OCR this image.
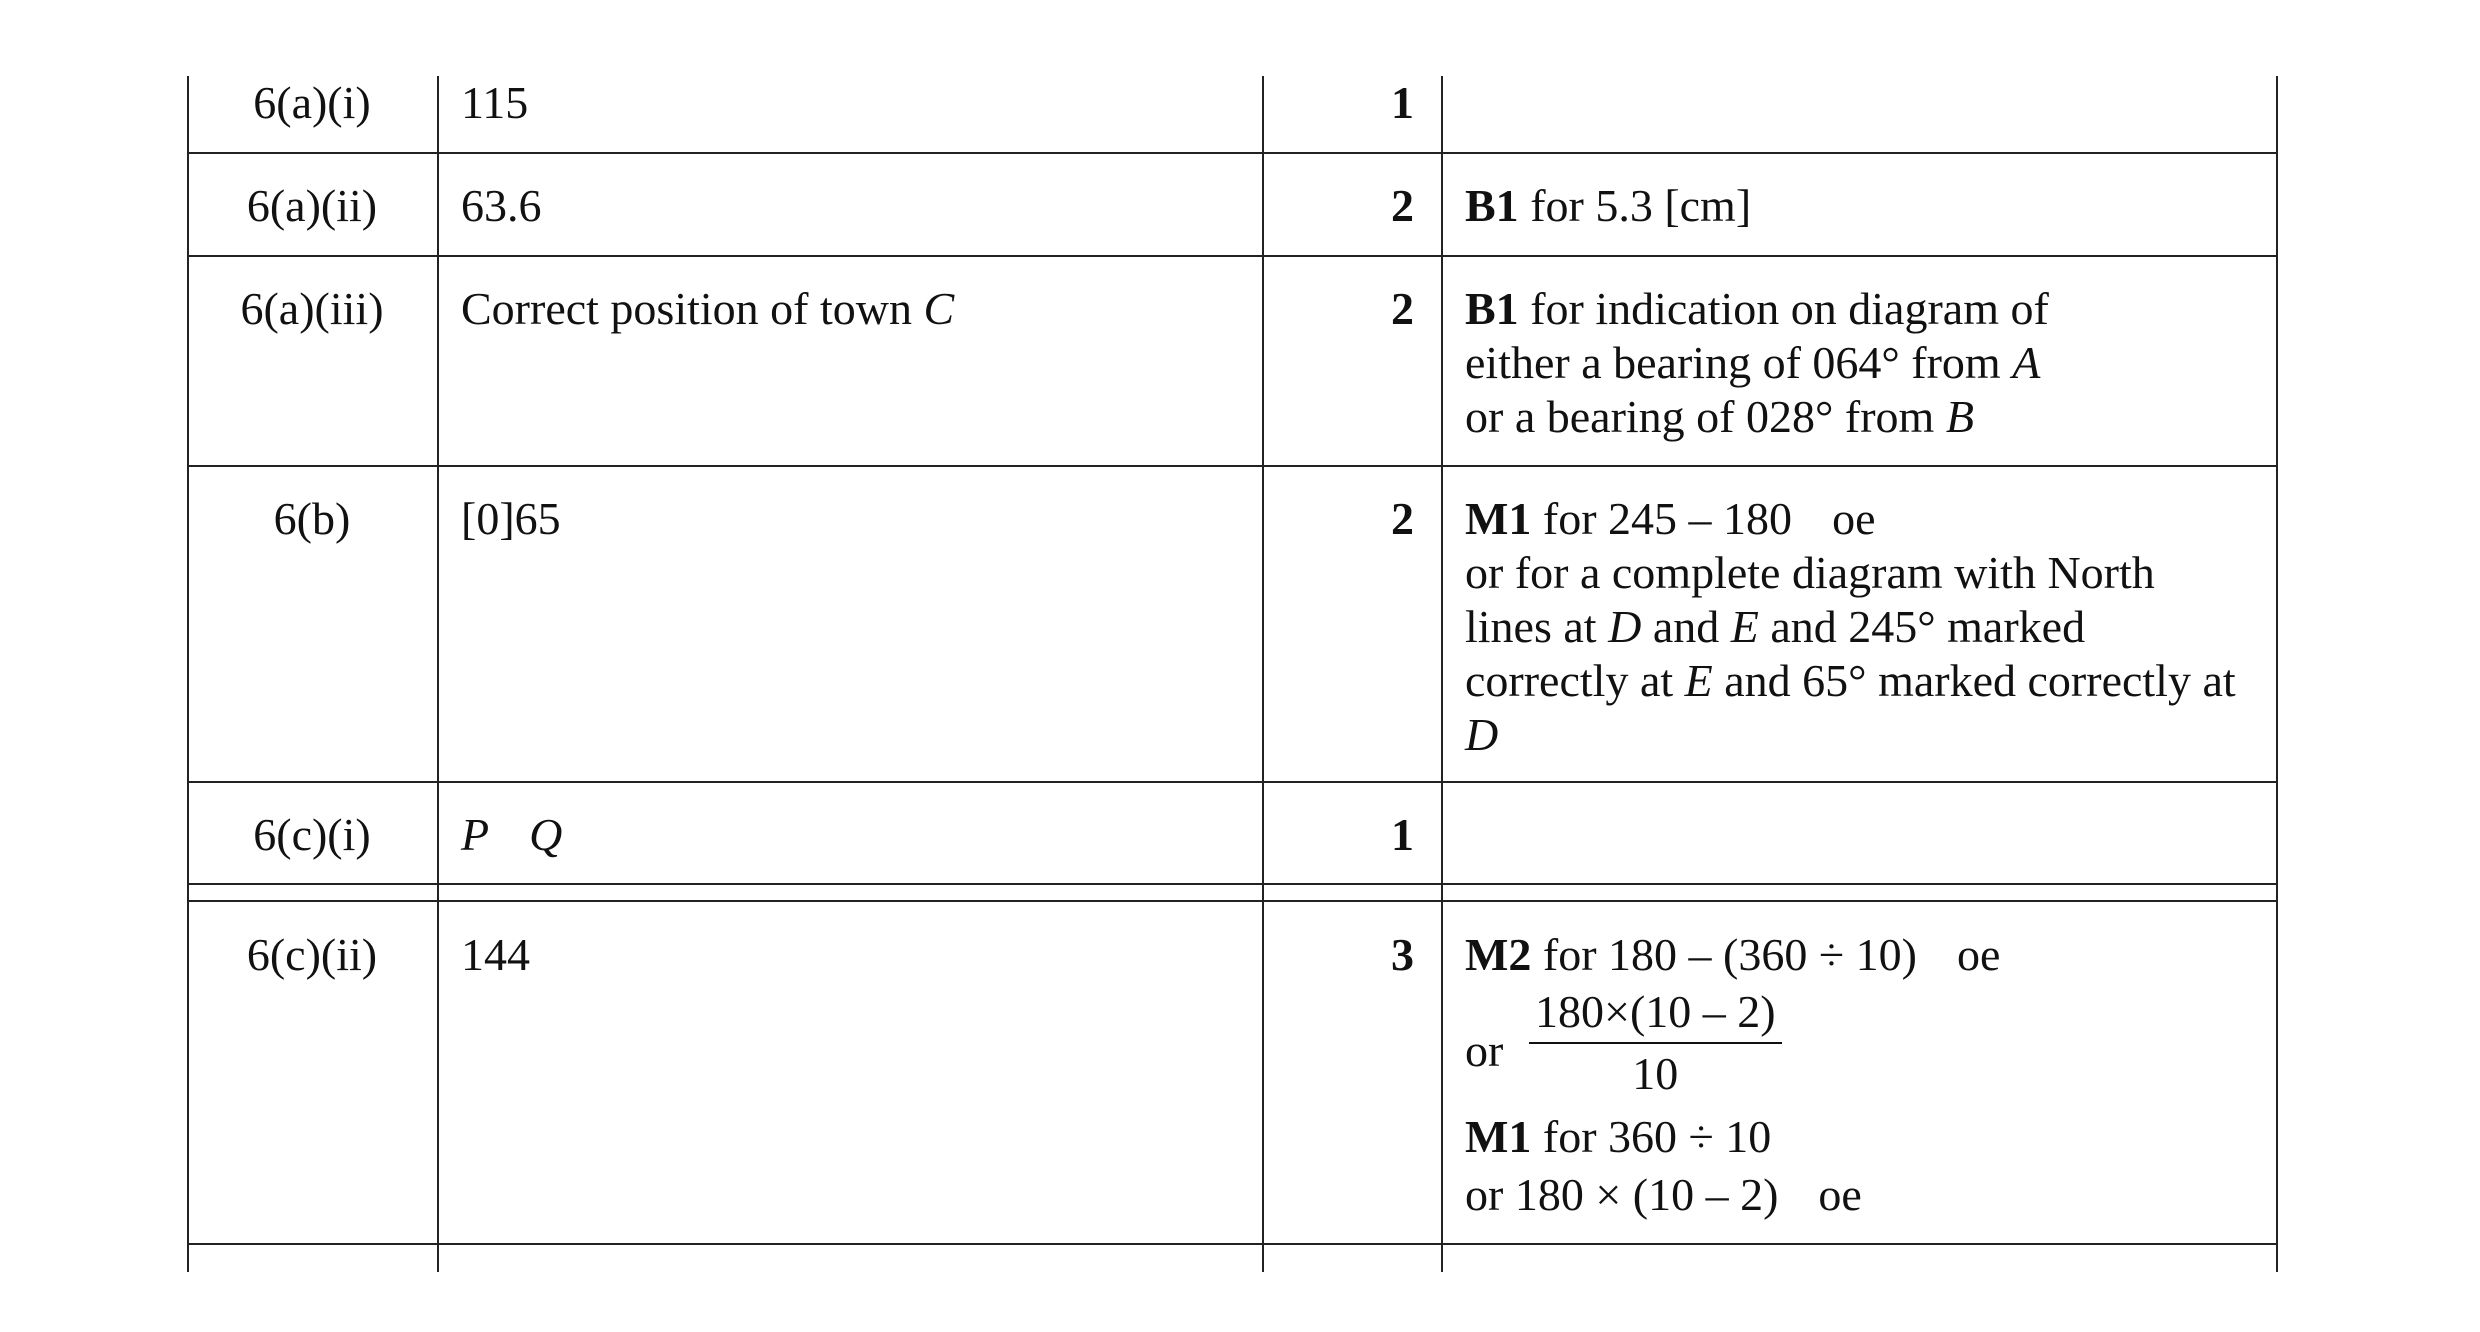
6(a)(i)	115	1
6(a)(ii)	63.6	2 B1 for 5.3 [cm]
6(a)(iii)	Correct position of town C	2 B1 for indication on diagram of
either a bearing of 064° from A
or a bearing of 028° from B
6(b)	[0]65	2 M1 for 245 – 180 oe
or for a complete diagram with North
lines at D and E and 245° marked
correctly at E and 65° marked correctly at
D
6(c)(i)	P Q	1
6(c)(ii)	144	3 M2 for 180 – (360 ÷ 10) oe
or $\frac{180\times(10 - 2)}{10}$
M1 for 360 ÷ 10
or 180 × (10 – 2) oe
